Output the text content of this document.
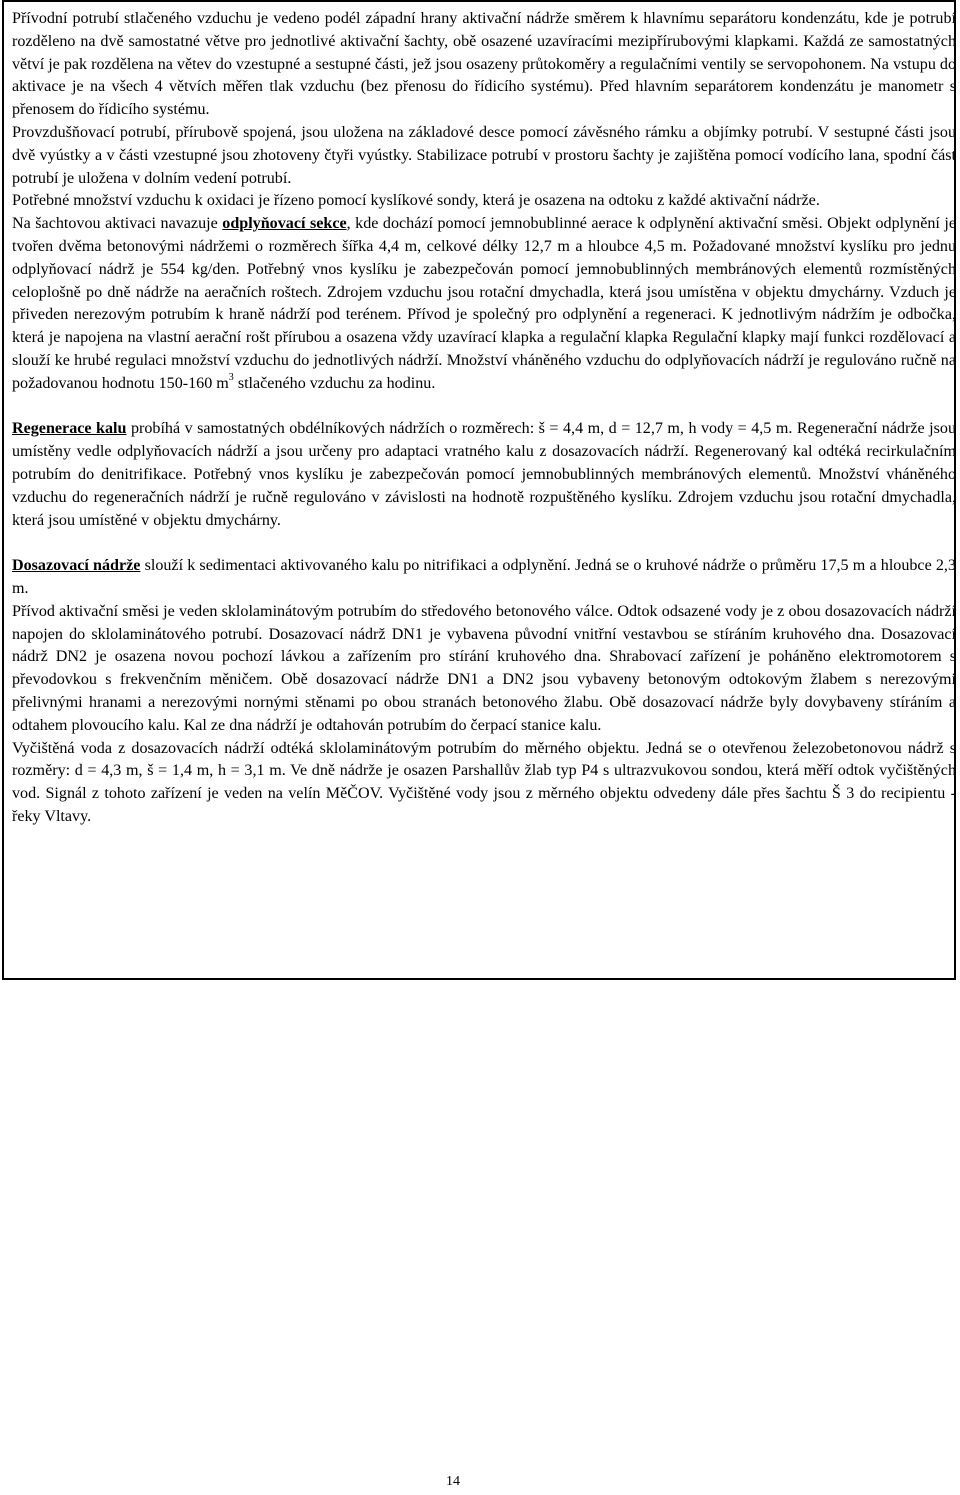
Přívodní potrubí stlačeného vzduchu je vedeno podél západní hrany aktivační nádrže směrem k hlavnímu separátoru kondenzátu, kde je potrubí rozděleno na dvě samostatné větve pro jednotlivé aktivační šachty, obě osazené uzavíracími mezipřírubovými klapkami. Každá ze samostatných větví je pak rozdělena na větev do vzestupné a sestupné části, jež jsou osazeny průtokoměry a regulačními ventily se servopohonem. Na vstupu do aktivace je na všech 4 větvích měřen tlak vzduchu (bez přenosu do řídicího systému). Před hlavním separátorem kondenzátu je manometr s přenosem do řídicího systému.

Provzdušňovací potrubí, přírubově spojená, jsou uložena na základové desce pomocí závěsného rámku a objímky potrubí. V sestupné části jsou dvě vyústky a v části vzestupné jsou zhotoveny čtyři vyústky. Stabilizace potrubí v prostoru šachty je zajištěna pomocí vodícího lana, spodní část potrubí je uložena v dolním vedení potrubí.

Potřebné množství vzduchu k oxidaci je řízeno pomocí kyslíkové sondy, která je osazena na odtoku z každé aktivační nádrže.

Na šachtovou aktivaci navazuje odplyňovací sekce, kde dochází pomocí jemnobublinné aerace k odplynění aktivační směsi. Objekt odplynění je tvořen dvěma betonovými nádržemi o rozměrech šířka 4,4 m, celkové délky 12,7 m a hloubce 4,5 m. Požadované množství kyslíku pro jednu odplyňovací nádrž je 554 kg/den. Potřebný vnos kyslíku je zabezpečován pomocí jemnobublinných membránových elementů rozmístěných celoplošně po dně nádrže na aeračních roštech. Zdrojem vzduchu jsou rotační dmychadla, která jsou umístěna v objektu dmychárny. Vzduch je přiveden nerezovým potrubím k hraně nádrží pod terénem. Přívod je společný pro odplynění a regeneraci. K jednotlivým nádržím je odbočka, která je napojena na vlastní aerační rošt přírubou a osazena vždy uzavírací klapka a regulační klapka Regulační klapky mají funkci rozdělovací a slouží ke hrubé regulaci množství vzduchu do jednotlivých nádrží. Množství vháněného vzduchu do odplyňovacích nádrží je regulováno ručně na požadovanou hodnotu 150-160 $m^3$ stlačeného vzduchu za hodinu.

Regenerace kalu probíhá v samostatných obdélníkových nádržích o rozměrech: š = 4,4 m, d = 12,7 m, h vody = 4,5 m. Regenerační nádrže jsou umístěny vedle odplyňovacích nádrží a jsou určeny pro adaptaci vratného kalu z dosazovacích nádrží. Regenerovaný kal odtéká recirkulačním potrubím do denitrifikace. Potřebný vnos kyslíku je zabezpečován pomocí jemnobublinných membránových elementů. Množství vháněného vzduchu do regeneračních nádrží je ručně regulováno v závislosti na hodnotě rozpuštěného kyslíku. Zdrojem vzduchu jsou rotační dmychadla, která jsou umístěné v objektu dmychárny.

Dosazovací nádrže slouží k sedimentaci aktivovaného kalu po nitrifikaci a odplynění. Jedná se o kruhové nádrže o průměru 17,5 m a hloubce 2,3 m.

Přívod aktivační směsi je veden sklolaminátovým potrubím do středového betonového válce. Odtok odsazené vody je z obou dosazovacích nádrží napojen do sklolaminátového potrubí. Dosazovací nádrž DN1 je vybavena původní vnitřní vestavbou se stíráním kruhového dna. Dosazovací nádrž DN2 je osazena novou pochozí lávkou a zařízením pro stírání kruhového dna. Shrabovací zařízení je poháněno elektromotorem s převodovkou s frekvenčním měničem. Obě dosazovací nádrže DN1 a DN2 jsou vybaveny betonovým odtokovým žlabem s nerezovými přelivnými hranami a nerezovými nornými stěnami po obou stranách betonového žlabu. Obě dosazovací nádrže byly dovybaveny stíráním a odtahem plovoucího kalu. Kal ze dna nádrží je odtahován potrubím do čerpací stanice kalu.

Vyčištěná voda z dosazovacích nádrží odtéká sklolaminátovým potrubím do měrného objektu. Jedná se o otevřenou železobetonovou nádrž s rozměry: d = 4,3 m, š = 1,4 m, h = 3,1 m. Ve dně nádrže je osazen Parshallův žlab typ P4 s ultrazvukovou sondou, která měří odtok vyčištěných vod. Signál z tohoto zařízení je veden na velín MěČOV. Vyčištěné vody jsou z měrného objektu odvedeny dále přes šachtu Š 3 do recipientu - řeky Vltavy.

14
